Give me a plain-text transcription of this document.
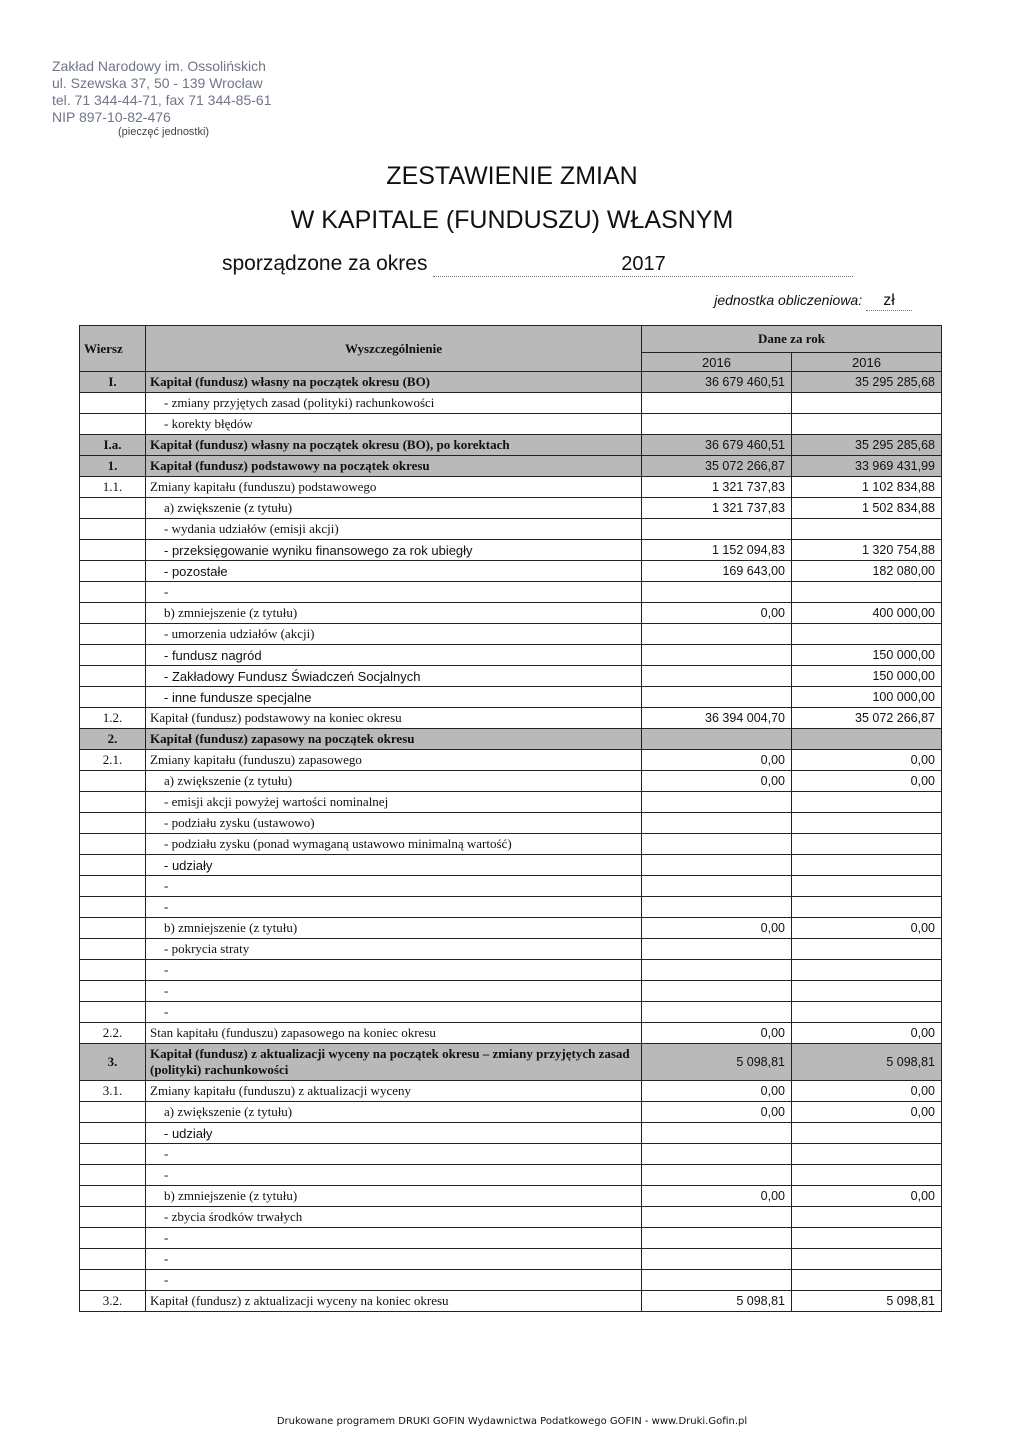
Zakład Narodowy im. Ossolińskich
ul. Szewska 37, 50 - 139 Wrocław
tel. 71 344-44-71, fax 71 344-85-61
NIP 897-10-82-476
(pieczęć jednostki)
ZESTAWIENIE ZMIAN
W KAPITALE (FUNDUSZU) WŁASNYM
sporządzone za okres	2017
jednostka obliczeniowa: zł
Wiersz	Wyszczególnienie	Dane za rok	
		2016	2016
I.	Kapitał (fundusz) własny na początek okresu (BO)	36 679 460,51	35 295 285,68
	- zmiany przyjętych zasad (polityki) rachunkowości		
	- korekty błędów		
I.a.	Kapitał (fundusz) własny na początek okresu (BO), po korektach	36 679 460,51	35 295 285,68
1.	Kapitał (fundusz) podstawowy na początek okresu	35 072 266,87	33 969 431,99
1.1.	Zmiany kapitału (funduszu) podstawowego	1 321 737,83	1 102 834,88
	a) zwiększenie (z tytułu)	1 321 737,83	1 502 834,88
	- wydania udziałów (emisji akcji)		
	- przeksięgowanie wyniku finansowego za rok ubiegły	1 152 094,83	1 320 754,88
	- pozostałe	169 643,00	182 080,00
	-		
	b) zmniejszenie (z tytułu)	0,00	400 000,00
	- umorzenia udziałów (akcji)		
	- fundusz nagród		150 000,00
	- Zakładowy Fundusz Świadczeń Socjalnych		150 000,00
	- inne fundusze specjalne		100 000,00
1.2.	Kapitał (fundusz) podstawowy na koniec okresu	36 394 004,70	35 072 266,87
2.	Kapitał (fundusz) zapasowy na początek okresu		
2.1.	Zmiany kapitału (funduszu) zapasowego	0,00	0,00
	a) zwiększenie (z tytułu)	0,00	0,00
	- emisji akcji powyżej wartości nominalnej		
	- podziału zysku (ustawowo)		
	- podziału zysku (ponad wymaganą ustawowo minimalną wartość)		
	- udziały		
	-		
	-		
	b) zmniejszenie (z tytułu)	0,00	0,00
	- pokrycia straty		
	-		
	-		
	-		
2.2.	Stan kapitału (funduszu) zapasowego na koniec okresu	0,00	0,00
3.	Kapitał (fundusz) z aktualizacji wyceny na początek okresu – zmiany przyjętych zasad (polityki) rachunkowości	5 098,81	5 098,81
3.1.	Zmiany kapitału (funduszu) z aktualizacji wyceny	0,00	0,00
	a) zwiększenie (z tytułu)	0,00	0,00
	- udziały		
	-		
	-		
	b) zmniejszenie (z tytułu)	0,00	0,00
	- zbycia środków trwałych		
	-		
	-		
	-		
3.2.	Kapitał (fundusz) z aktualizacji wyceny na koniec okresu	5 098,81	5 098,81
Drukowane programem DRUKI GOFIN Wydawnictwa Podatkowego GOFIN - www.Druki.Gofin.pl
